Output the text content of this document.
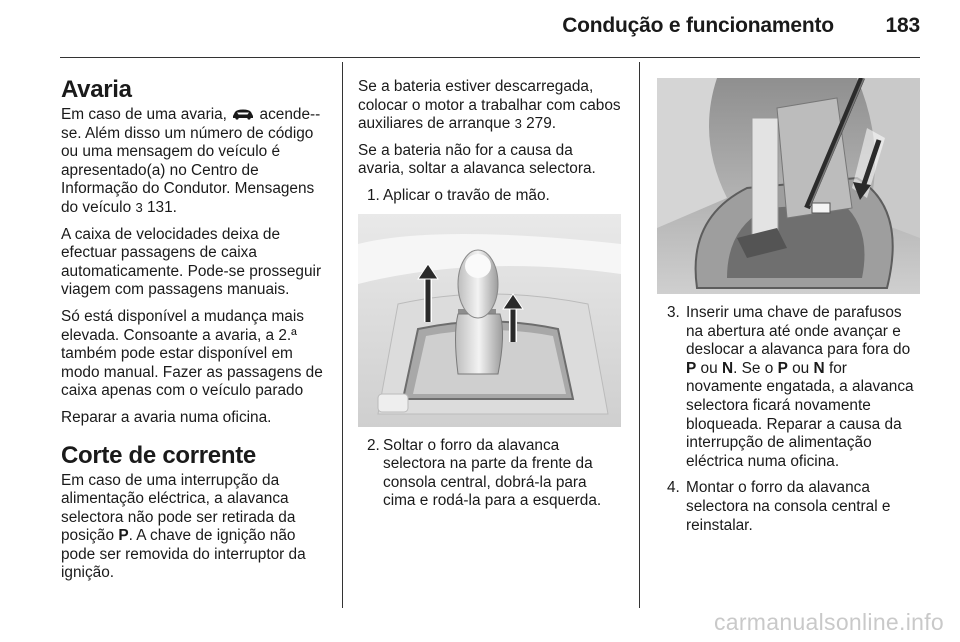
Condução e funcionamento 183
Avaria

Em caso de uma avaria, acende--se. Além disso um número de código ou uma mensagem do veículo é apresentado(a) no Centro de Informação do Condutor. Mensagens do veículo 3 131.

A caixa de velocidades deixa de efectuar passagens de caixa automaticamente. Pode-se prosseguir viagem com passagens manuais.

Só está disponível a mudança mais elevada. Consoante a avaria, a 2.ª também pode estar disponível em modo manual. Fazer as passagens de caixa apenas com o veículo parado

Reparar a avaria numa oficina.

Corte de corrente

Em caso de uma interrupção da alimentação eléctrica, a alavanca selectora não pode ser retirada da posição P. A chave de ignição não pode ser removida do interruptor da ignição.

Se a bateria estiver descarregada, colocar o motor a trabalhar com cabos auxiliares de arranque 3 279.

Se a bateria não for a causa da avaria, soltar a alavanca selectora.

1. Aplicar o travão de mão.
2. Soltar o forro da alavanca selectora na parte da frente da consola central, dobrá-la para cima e rodá-la para a esquerda.
3. Inserir uma chave de parafusos na abertura até onde avançar e deslocar a alavanca para fora do P ou N. Se o P ou N for novamente engatada, a alavanca selectora ficará novamente bloqueada. Reparar a causa da interrupção de alimentação eléctrica numa oficina.
4. Montar o forro da alavanca selectora na consola central e reinstalar.
carmanualsonline.info
